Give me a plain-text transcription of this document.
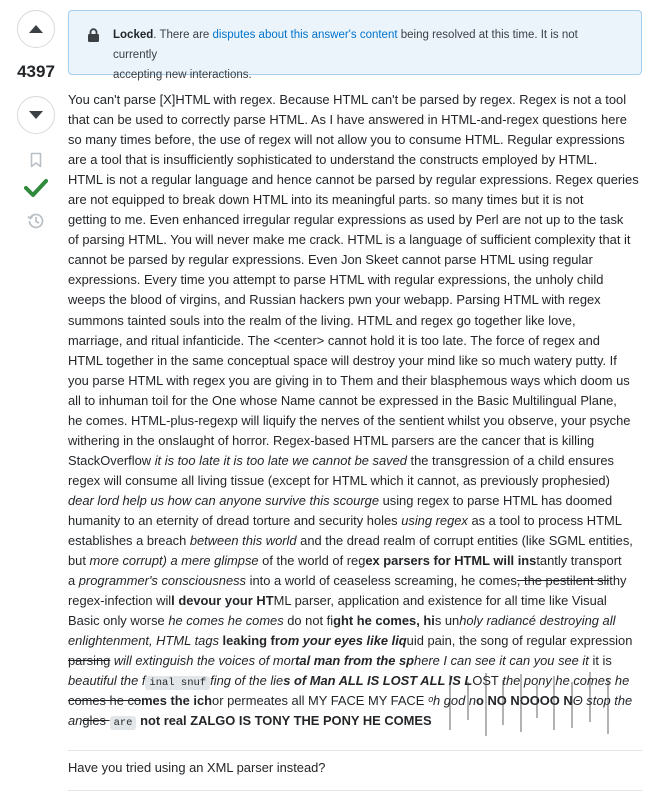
4397
Locked. There are disputes about this answer's content being resolved at this time. It is not currently
accepting new interactions.
You can't parse [X]HTML with regex. Because HTML can't be parsed by regex. Regex is not a tool
that can be used to correctly parse HTML. As I have answered in HTML-and-regex questions here
so many times before, the use of regex will not allow you to consume HTML. Regular expressions
are a tool that is insufficiently sophisticated to understand the constructs employed by HTML.
HTML is not a regular language and hence cannot be parsed by regular expressions. Regex queries
are not equipped to break down HTML into its meaningful parts. so many times but it is not
getting to me. Even enhanced irregular regular expressions as used by Perl are not up to the task
of parsing HTML. You will never make me crack. HTML is a language of sufficient complexity that it
cannot be parsed by regular expressions. Even Jon Skeet cannot parse HTML using regular
expressions. Every time you attempt to parse HTML with regular expressions, the unholy child
weeps the blood of virgins, and Russian hackers pwn your webapp. Parsing HTML with regex
summons tainted souls into the realm of the living. HTML and regex go together like love,
marriage, and ritual infanticide. The <center> cannot hold it is too late. The force of regex and
HTML together in the same conceptual space will destroy your mind like so much watery putty. If
you parse HTML with regex you are giving in to Them and their blasphemous ways which doom us
all to inhuman toil for the One whose Name cannot be expressed in the Basic Multilingual Plane,
he comes. HTML-plus-regexp will liquify the nerves of the sentient whilst you observe, your psyche
withering in the onslaught of horror. Regex-based HTML parsers are the cancer that is killing
StackOverflow it is too late it is too late we cannot be saved the transgression of a child ensures
regex will consume all living tissue (except for HTML which it cannot, as previously prophesied)
dear lord help us how can anyone survive this scourge using regex to parse HTML has doomed
humanity to an eternity of dread torture and security holes using regex as a tool to process HTML
establishes a breach between this world and the dread realm of corrupt entities (like SGML entities,
but more corrupt) a mere glimpse of the world of regex parsers for HTML will instantly transport
a programmer's consciousness into a world of ceaseless screaming, he comes, the pestilent slithy
regex-infection will devour your HTML parser, application and existence for all time like Visual
Basic only worse he comes he comes do not fight he comes, his unholy radiancé destroying all
enlightenment, HTML tags leaking from your eyes like liquid pain, the song of regular expression
parsing will extinguish the voices of mortal man from the sphere I can see it can you see it it is
beautiful the f inal snuf fing of the lies of Man ALL IS LOST ALL IS LOST the pony he comes he
comes he comes the ichor permeates all MY FACE MY FACE ᵒh god no NO NOOOO NΘ stop the
angles are not real ZALGO IS TONY THE PONY HE COMES
Have you tried using an XML parser instead?
